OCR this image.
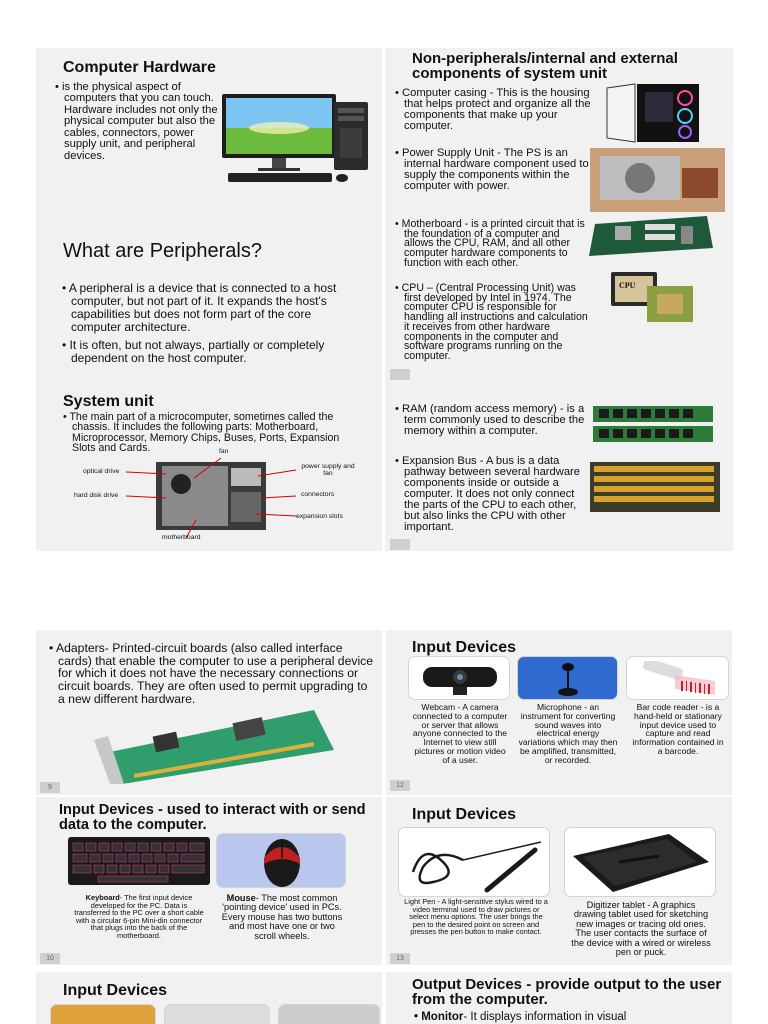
Computer Hardware
• is the physical aspect of computers that you can touch. Hardware includes not only the physical computer but also the cables, connectors, power supply unit, and peripheral devices.
What are Peripherals?
• A peripheral is a device that is connected to a host computer, but not part of it. It expands the host's capabilities but does not form part of the core computer architecture.
• It is often, but not always, partially or completely dependent on the host computer.
System unit
• The main part of a microcomputer, sometimes called the chassis. It includes the following parts: Motherboard, Microprocessor, Memory Chips, Buses, Ports, Expansion Slots and Cards.	fan
optical drive
hard disk drive
power supply and fan
connectors
expansion slots
motherboard
Non-peripherals/internal and external components of system unit
• Computer casing - This is the housing that helps protect and organize all the components that make up your computer.
• Power Supply Unit - The PS is an internal hardware component used to supply the components within the computer with power.
• Motherboard - is a printed circuit that is the foundation of a computer and allows the CPU, RAM, and all other computer hardware components to function with each other.
• CPU – (Central Processing Unit) was first developed by Intel in 1974. The computer CPU is responsible for handling all instructions and calculation it receives from other hardware components in the computer and software programs running on the computer.
CPU
• RAM (random access memory) - is a term commonly used to describe the memory within a computer.
• Expansion Bus - A bus is a data pathway between several hardware components inside or outside a computer. It does not only connect the parts of the CPU to each other, but also links the CPU with other important.
• Adapters- Printed-circuit boards (also called interface cards) that enable the computer to use a peripheral device for which it does not have the necessary connections or circuit boards. They are often used to permit upgrading to a new different hardware.
9
Input Devices
Webcam - A camera connected to a computer or server that allows anyone connected to the Internet to view still pictures or motion video of a user.
Microphone - an instrument for converting sound waves into electrical energy variations which may then be amplified, transmitted, or recorded.
Bar code reader - is a hand-held or stationary input device used to capture and read information contained in a barcode.
12
Input Devices - used to interact with or send data to the computer.
Keyboard- The first input device developed for the PC. Data is transferred to the PC over a short cable with a circular 6-pin Mini-din connector that plugs into the back of the motherboard.
Mouse- The most common 'pointing device' used in PCs. Every mouse has two buttons and most have one or two scroll wheels.
10
Input Devices
Light Pen - A light-sensitive stylus wired to a video terminal used to draw pictures or select menu options. The user brings the pen to the desired point on screen and presses the pen button to make contact.
Digitizer tablet - A graphics drawing tablet used for sketching new images or tracing old ones. The user contacts the surface of the device with a wired or wireless pen or puck.
13
Input Devices	Output Devices - provide output to the user from the computer.
• Monitor- It displays information in visual
